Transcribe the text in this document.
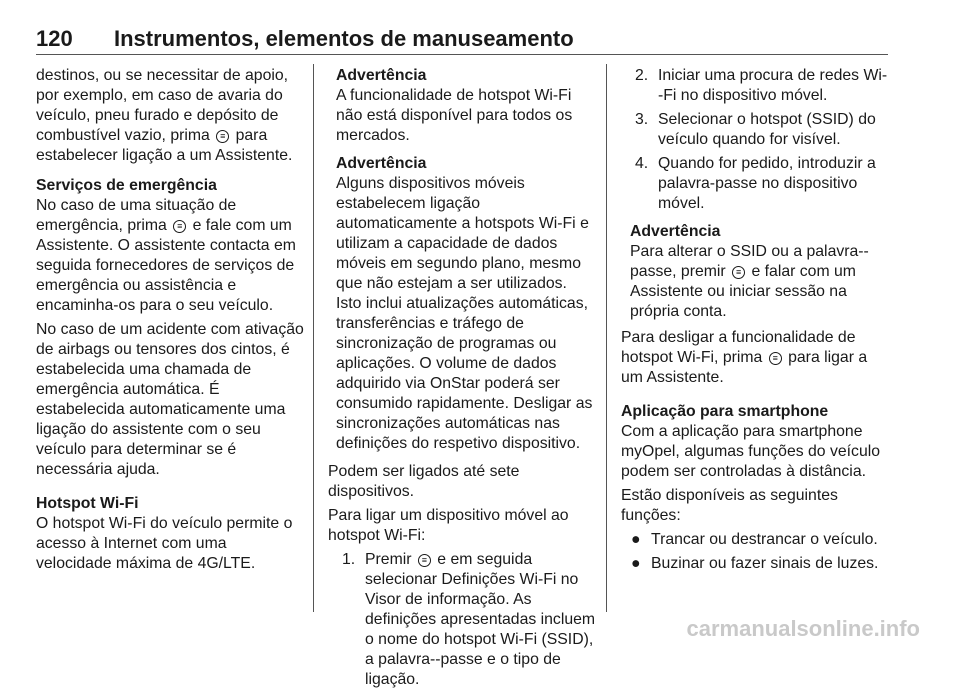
120 Instrumentos, elementos de manuseamento

destinos, ou se necessitar de apoio, por exemplo, em caso de avaria do veículo, pneu furado e depósito de combustível vazio, prima ≡ para estabelecer ligação a um Assistente.

Serviços de emergência

No caso de uma situação de emergência, prima ≡ e fale com um Assistente. O assistente contacta em seguida fornecedores de serviços de emergência ou assistência e encaminha-os para o seu veículo.

No caso de um acidente com ativação de airbags ou tensores dos cintos, é estabelecida uma chamada de emergência automática. É estabelecida automaticamente uma ligação do assistente com o seu veículo para determinar se é necessária ajuda.

Hotspot Wi-Fi

O hotspot Wi-Fi do veículo permite o acesso à Internet com uma velocidade máxima de 4G/LTE.

Advertência

A funcionalidade de hotspot Wi-Fi não está disponível para todos os mercados.

Advertência

Alguns dispositivos móveis estabelecem ligação automaticamente a hotspots Wi-Fi e utilizam a capacidade de dados móveis em segundo plano, mesmo que não estejam a ser utilizados. Isto inclui atualizações automáticas, transferências e tráfego de sincronização de programas ou aplicações. O volume de dados adquirido via OnStar poderá ser consumido rapidamente. Desligar as sincronizações automáticas nas definições do respetivo dispositivo.

Podem ser ligados até sete dispositivos.

Para ligar um dispositivo móvel ao hotspot Wi-Fi:

1. Premir ≡ e em seguida selecionar Definições Wi-Fi no Visor de informação. As definições apresentadas incluem o nome do hotspot Wi-Fi (SSID), a palavra--passe e o tipo de ligação.
2. Iniciar uma procura de redes Wi--Fi no dispositivo móvel.
3. Selecionar o hotspot (SSID) do veículo quando for visível.
4. Quando for pedido, introduzir a palavra-passe no dispositivo móvel.

Advertência

Para alterar o SSID ou a palavra--passe, premir ≡ e falar com um Assistente ou iniciar sessão na própria conta.

Para desligar a funcionalidade de hotspot Wi-Fi, prima ≡ para ligar a um Assistente.

Aplicação para smartphone

Com a aplicação para smartphone myOpel, algumas funções do veículo podem ser controladas à distância.

Estão disponíveis as seguintes funções:

● Trancar ou destrancar o veículo.
● Buzinar ou fazer sinais de luzes.
carmanualsonline.info
